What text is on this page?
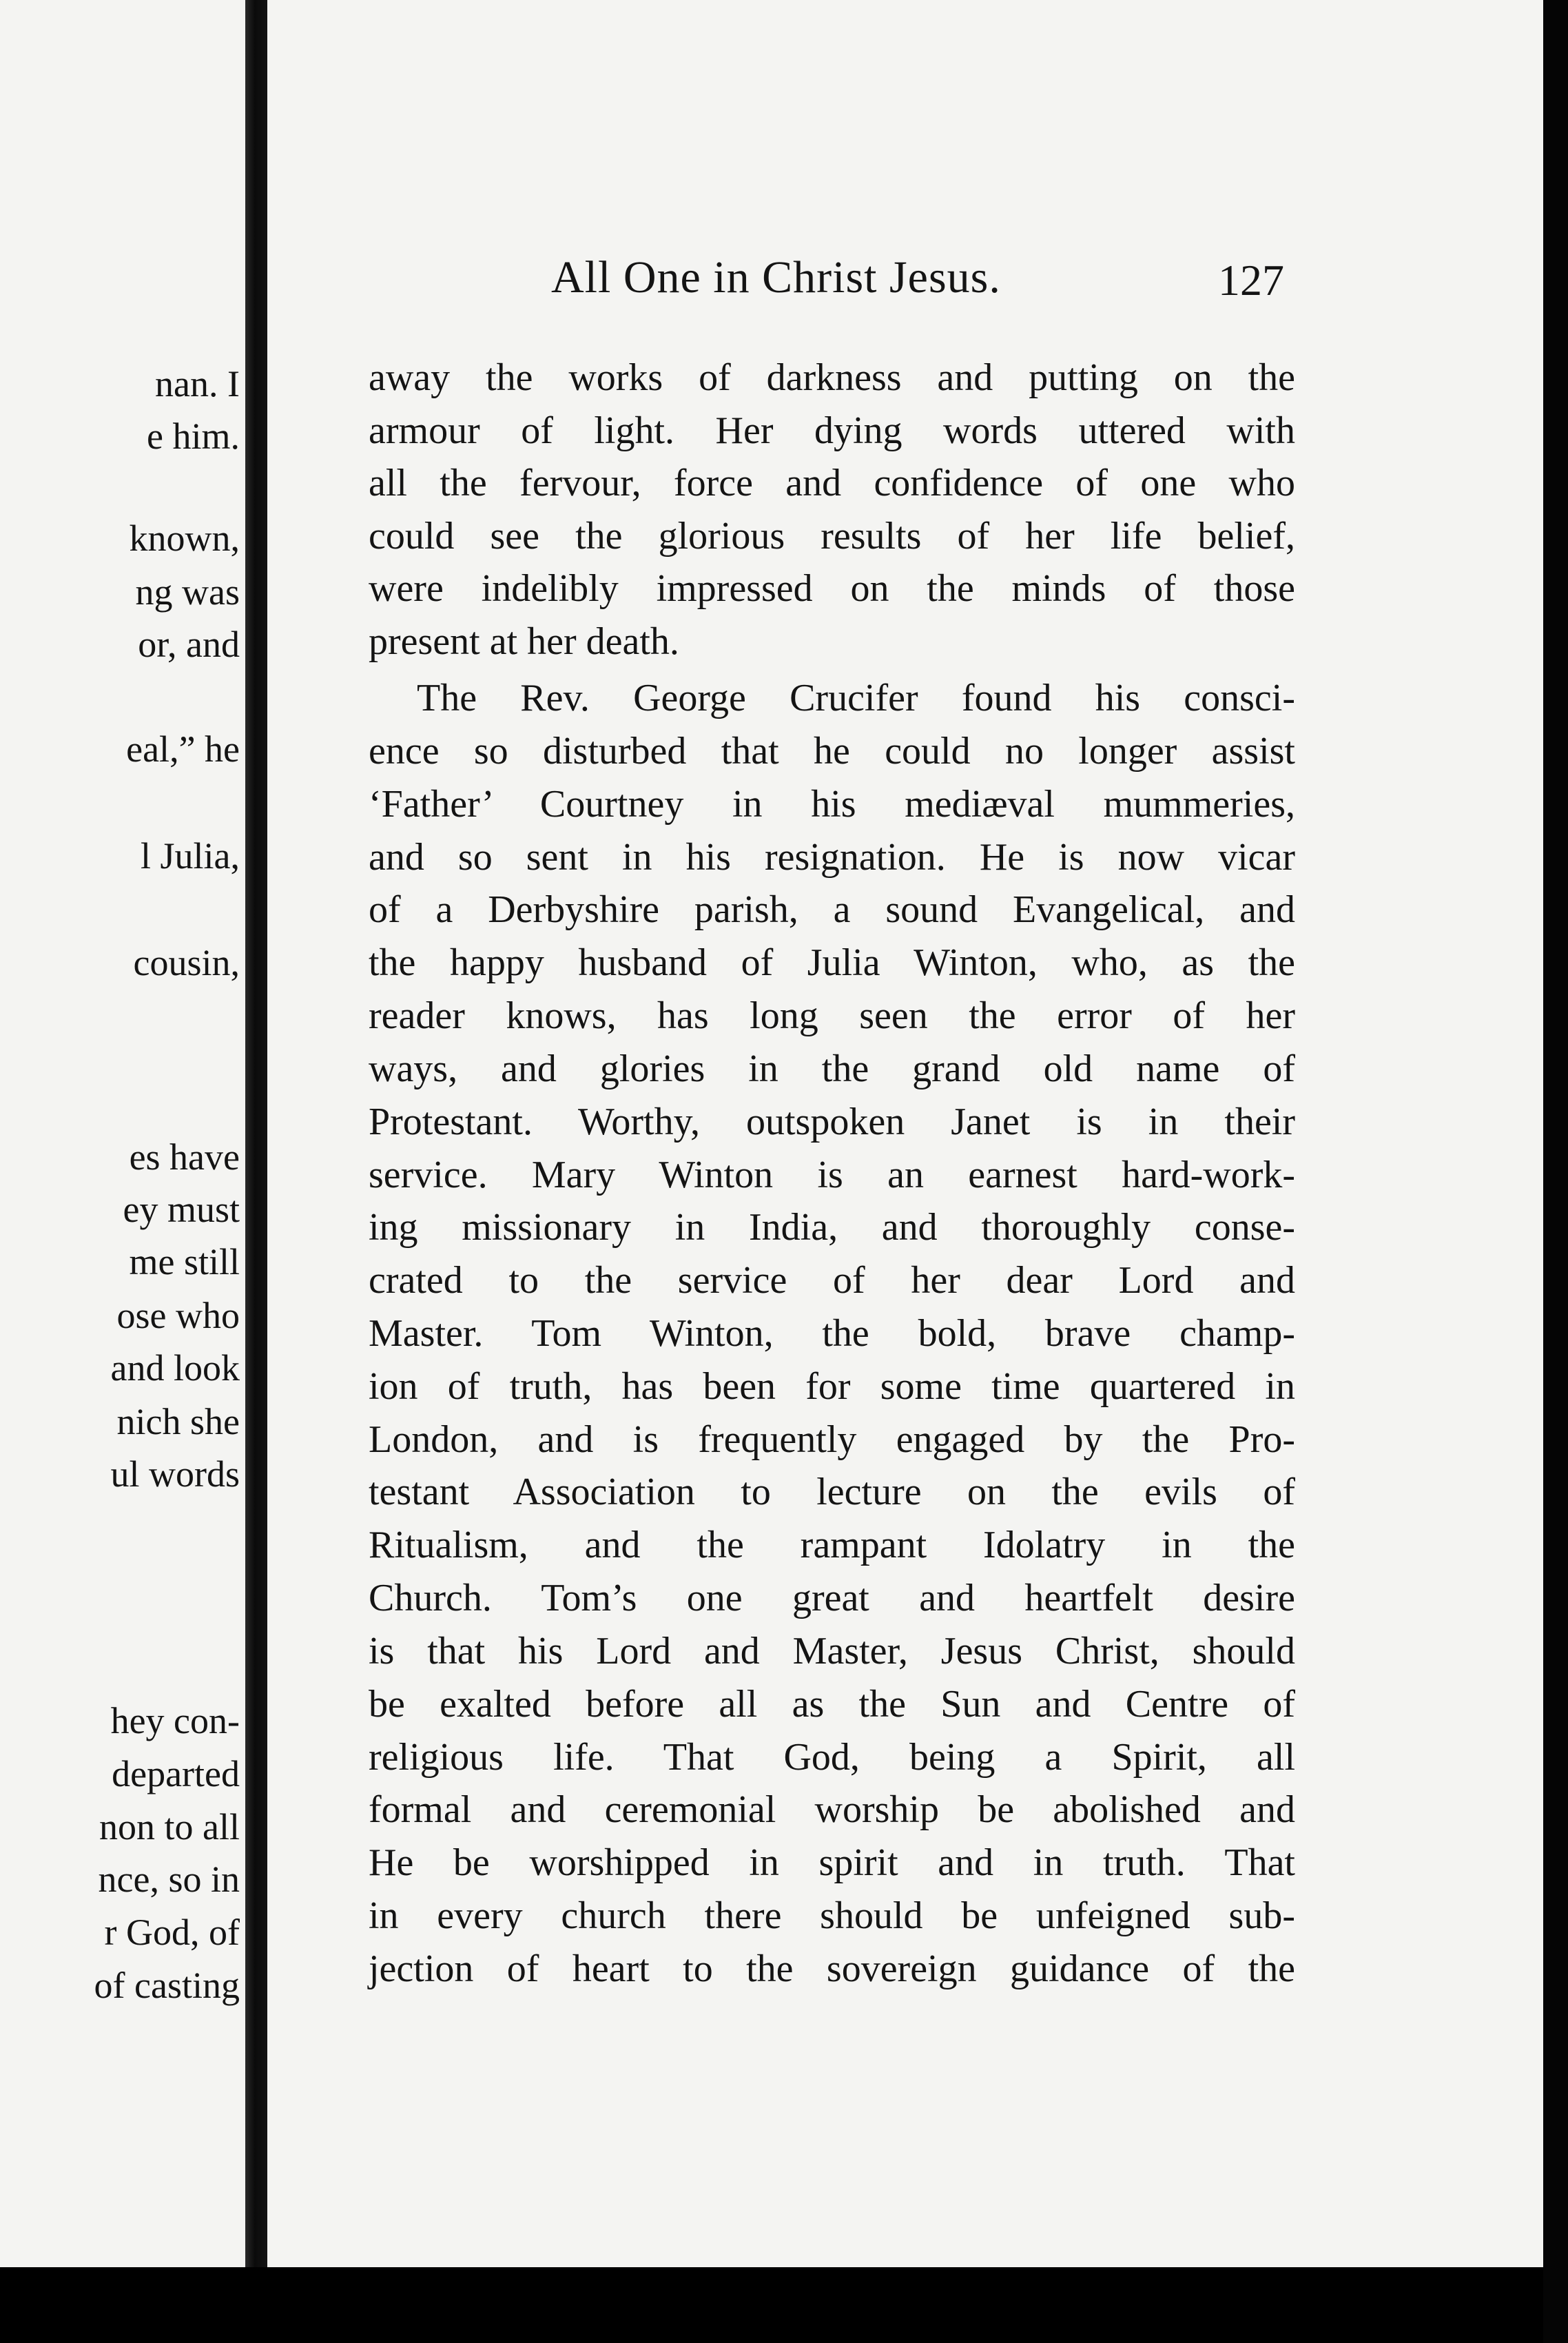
nan. I
e him.
known,
ng was
or, and
eal,” he
l Julia,
cousin,
es have
ey must
me still
ose who
and look
nich she
ul words
hey con-
departed
non to all
nce, so in
r God, of
of casting
All One in Christ Jesus.	127
away the works of darkness and putting on the
armour of light. Her dying words uttered with
all the fervour, force and confidence of one who
could see the glorious results of her life belief,
were indelibly impressed on the minds of those
present at her death.
The Rev. George Crucifer found his consci-
ence so disturbed that he could no longer assist
‘Father’ Courtney in his mediæval mummeries,
and so sent in his resignation. He is now vicar
of a Derbyshire parish, a sound Evangelical, and
the happy husband of Julia Winton, who, as the
reader knows, has long seen the error of her
ways, and glories in the grand old name of
Protestant. Worthy, outspoken Janet is in their
service. Mary Winton is an earnest hard-work-
ing missionary in India, and thoroughly conse-
crated to the service of her dear Lord and
Master. Tom Winton, the bold, brave champ-
ion of truth, has been for some time quartered in
London, and is frequently engaged by the Pro-
testant Association to lecture on the evils of
Ritualism, and the rampant Idolatry in the
Church. Tom’s one great and heartfelt desire
is that his Lord and Master, Jesus Christ, should
be exalted before all as the Sun and Centre of
religious life. That God, being a Spirit, all
formal and ceremonial worship be abolished and
He be worshipped in spirit and in truth. That
in every church there should be unfeigned sub-
jection of heart to the sovereign guidance of the
